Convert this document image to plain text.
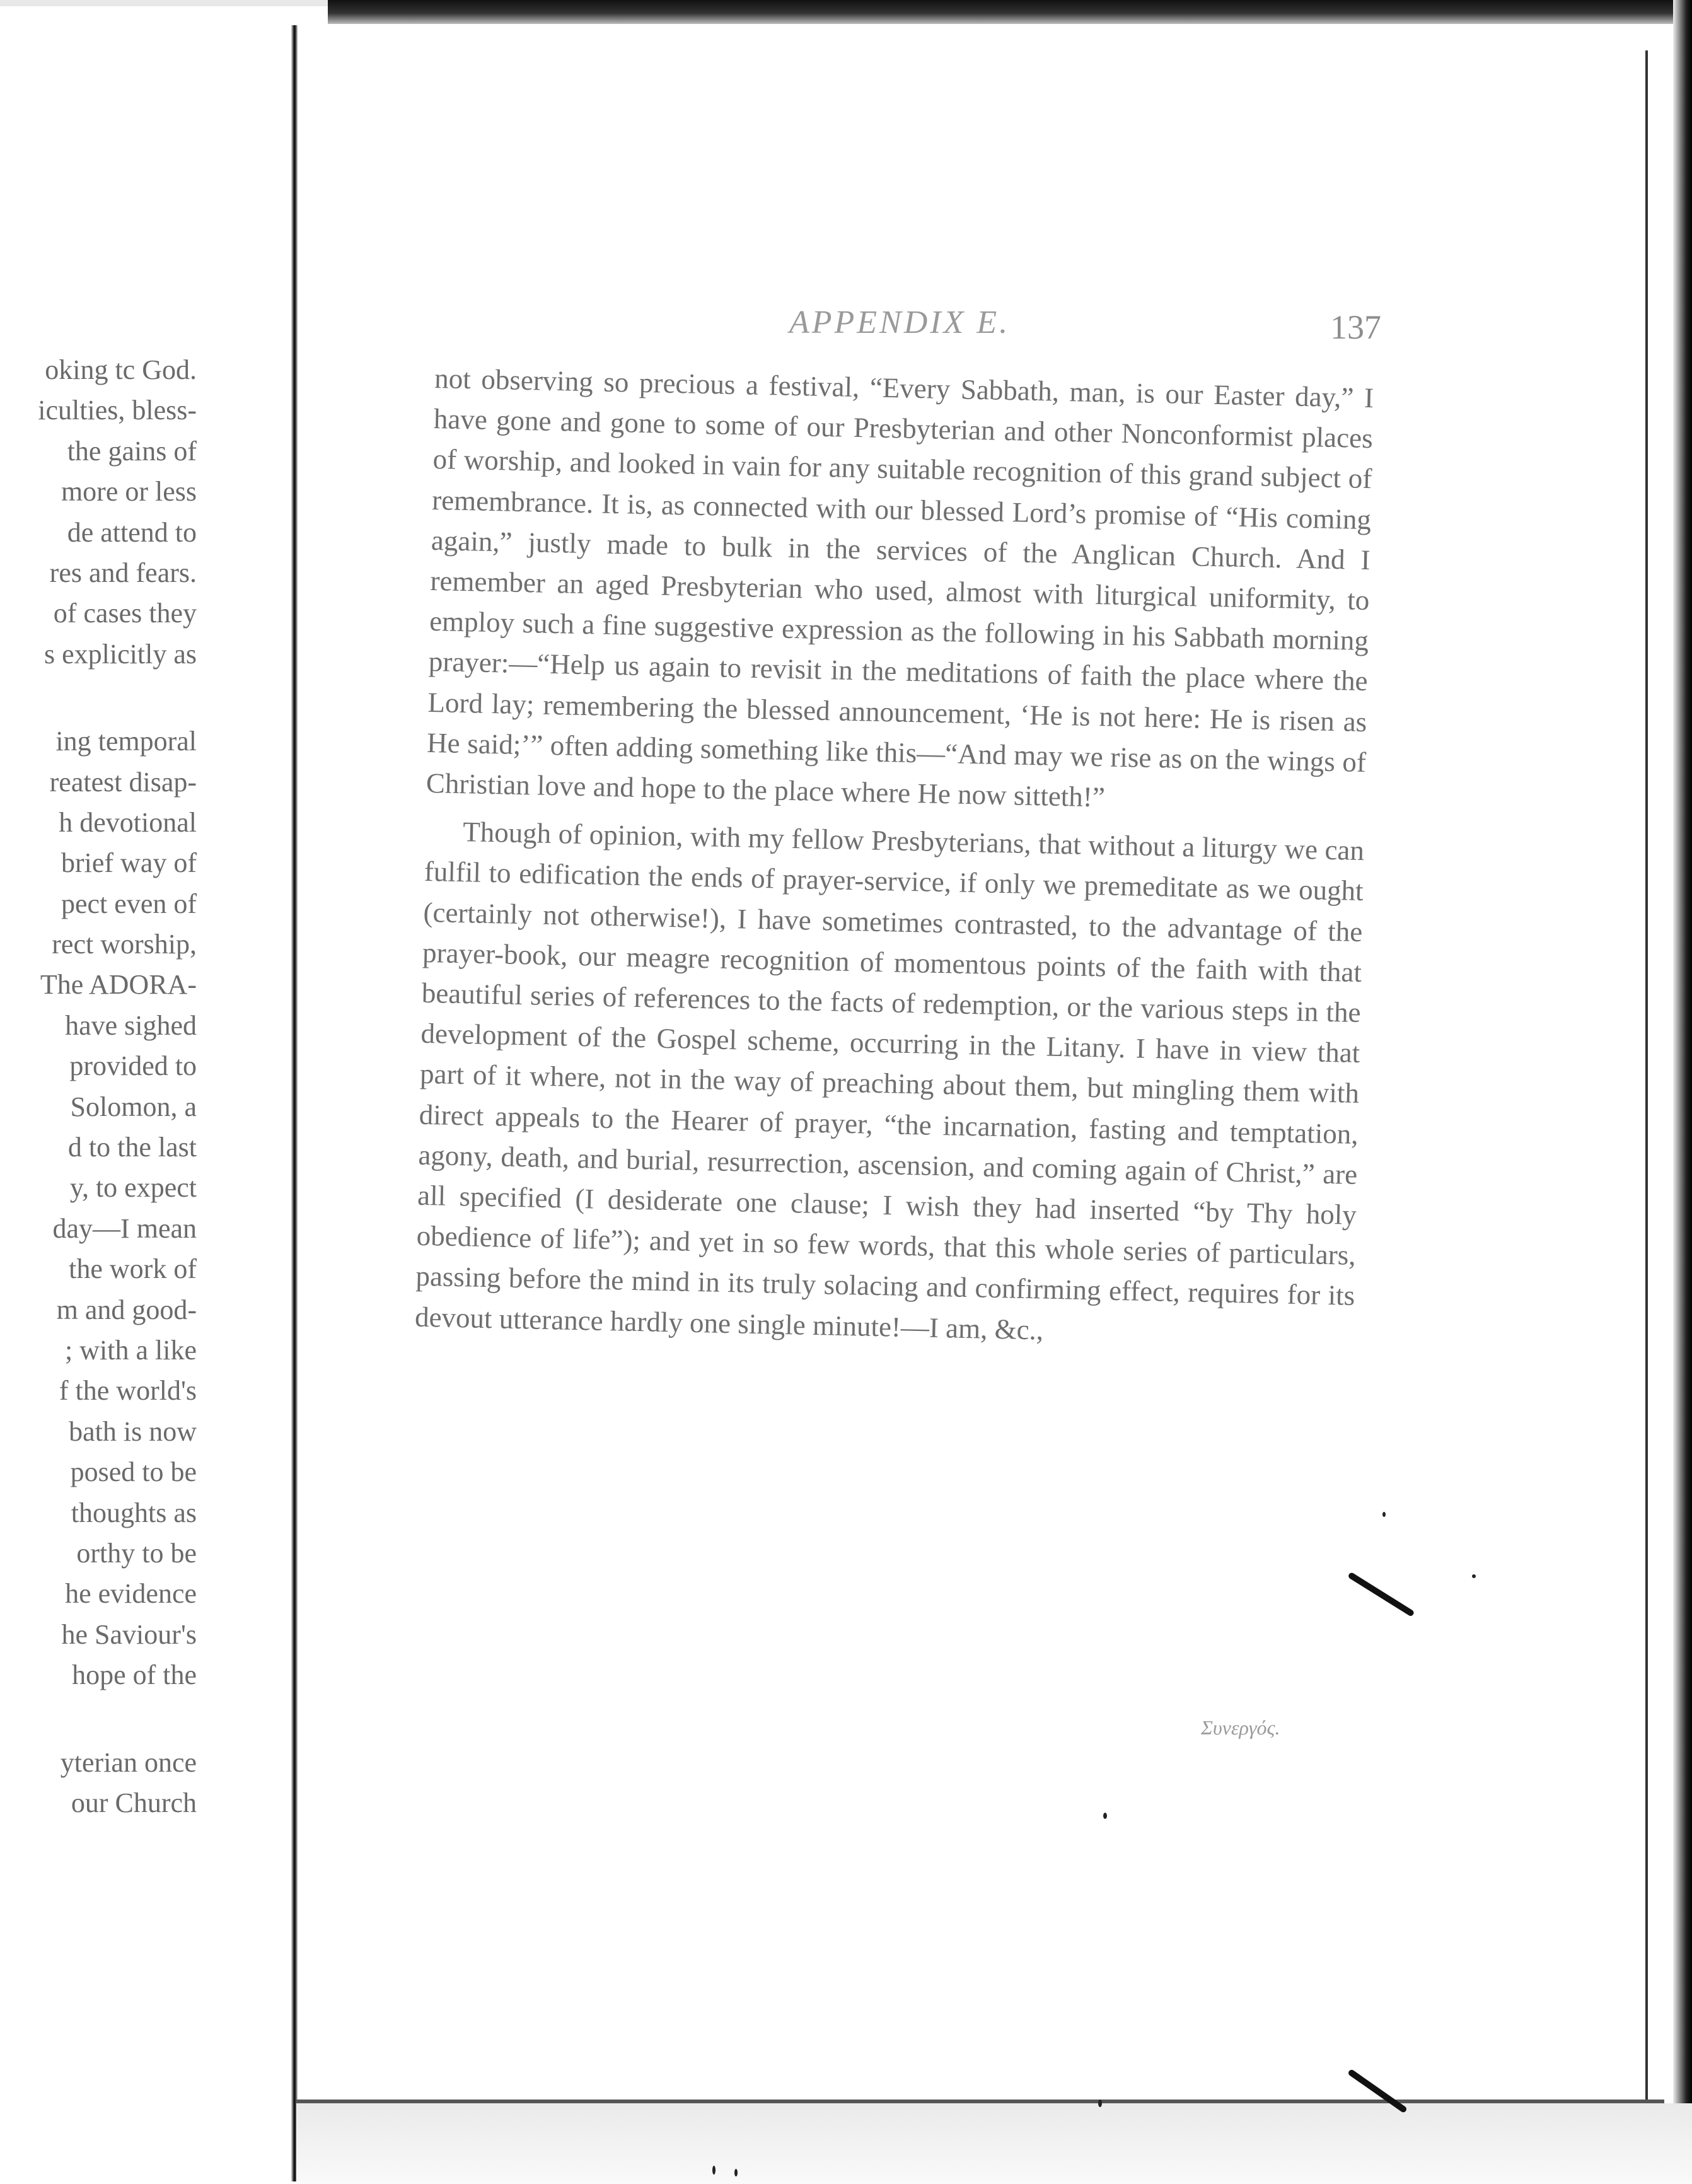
oking tc God.
iculties, bless-
the gains of
more or less
de attend to
res and fears.
of cases they
s explicitly as
ing temporal
reatest disap-
h devotional
brief way of
pect even of
rect worship,
The ADORA-
have sighed
provided to
Solomon, a
d to the last
y, to expect
day—I mean
the work of
m and good-
; with a like
f the world's
bath is now
posed to be
thoughts as
orthy to be
he evidence
he Saviour's
hope of the
yterian once
our Church
APPENDIX E.	137

not observing so precious a festival, “Every Sabbath, man, is our Easter day,” I have gone and gone to some of our Presbyterian and other Nonconformist places of worship, and looked in vain for any suitable recognition of this grand subject of remembrance. It is, as connected with our blessed Lord’s promise of “His coming again,” justly made to bulk in the services of the Anglican Church. And I remember an aged Presbyterian who used, almost with liturgical uniformity, to employ such a fine suggestive expression as the following in his Sabbath morning prayer:—“Help us again to revisit in the meditations of faith the place where the Lord lay; remembering the blessed announcement, ‘He is not here: He is risen as He said;’” often adding something like this—“And may we rise as on the wings of Christian love and hope to the place where He now sitteth!”

Though of opinion, with my fellow Presbyterians, that without a liturgy we can fulfil to edification the ends of prayer-service, if only we premeditate as we ought (certainly not otherwise!), I have sometimes contrasted, to the advantage of the prayer-book, our meagre recognition of momentous points of the faith with that beautiful series of references to the facts of redemption, or the various steps in the development of the Gospel scheme, occurring in the Litany. I have in view that part of it where, not in the way of preaching about them, but mingling them with direct appeals to the Hearer of prayer, “the incarnation, fasting and temptation, agony, death, and burial, resurrection, ascension, and coming again of Christ,” are all specified (I desiderate one clause; I wish they had inserted “by Thy holy obedience of life”); and yet in so few words, that this whole series of particulars, passing before the mind in its truly solacing and confirming effect, requires for its devout utterance hardly one single minute!—I am, &c.,

Συνεργός.
